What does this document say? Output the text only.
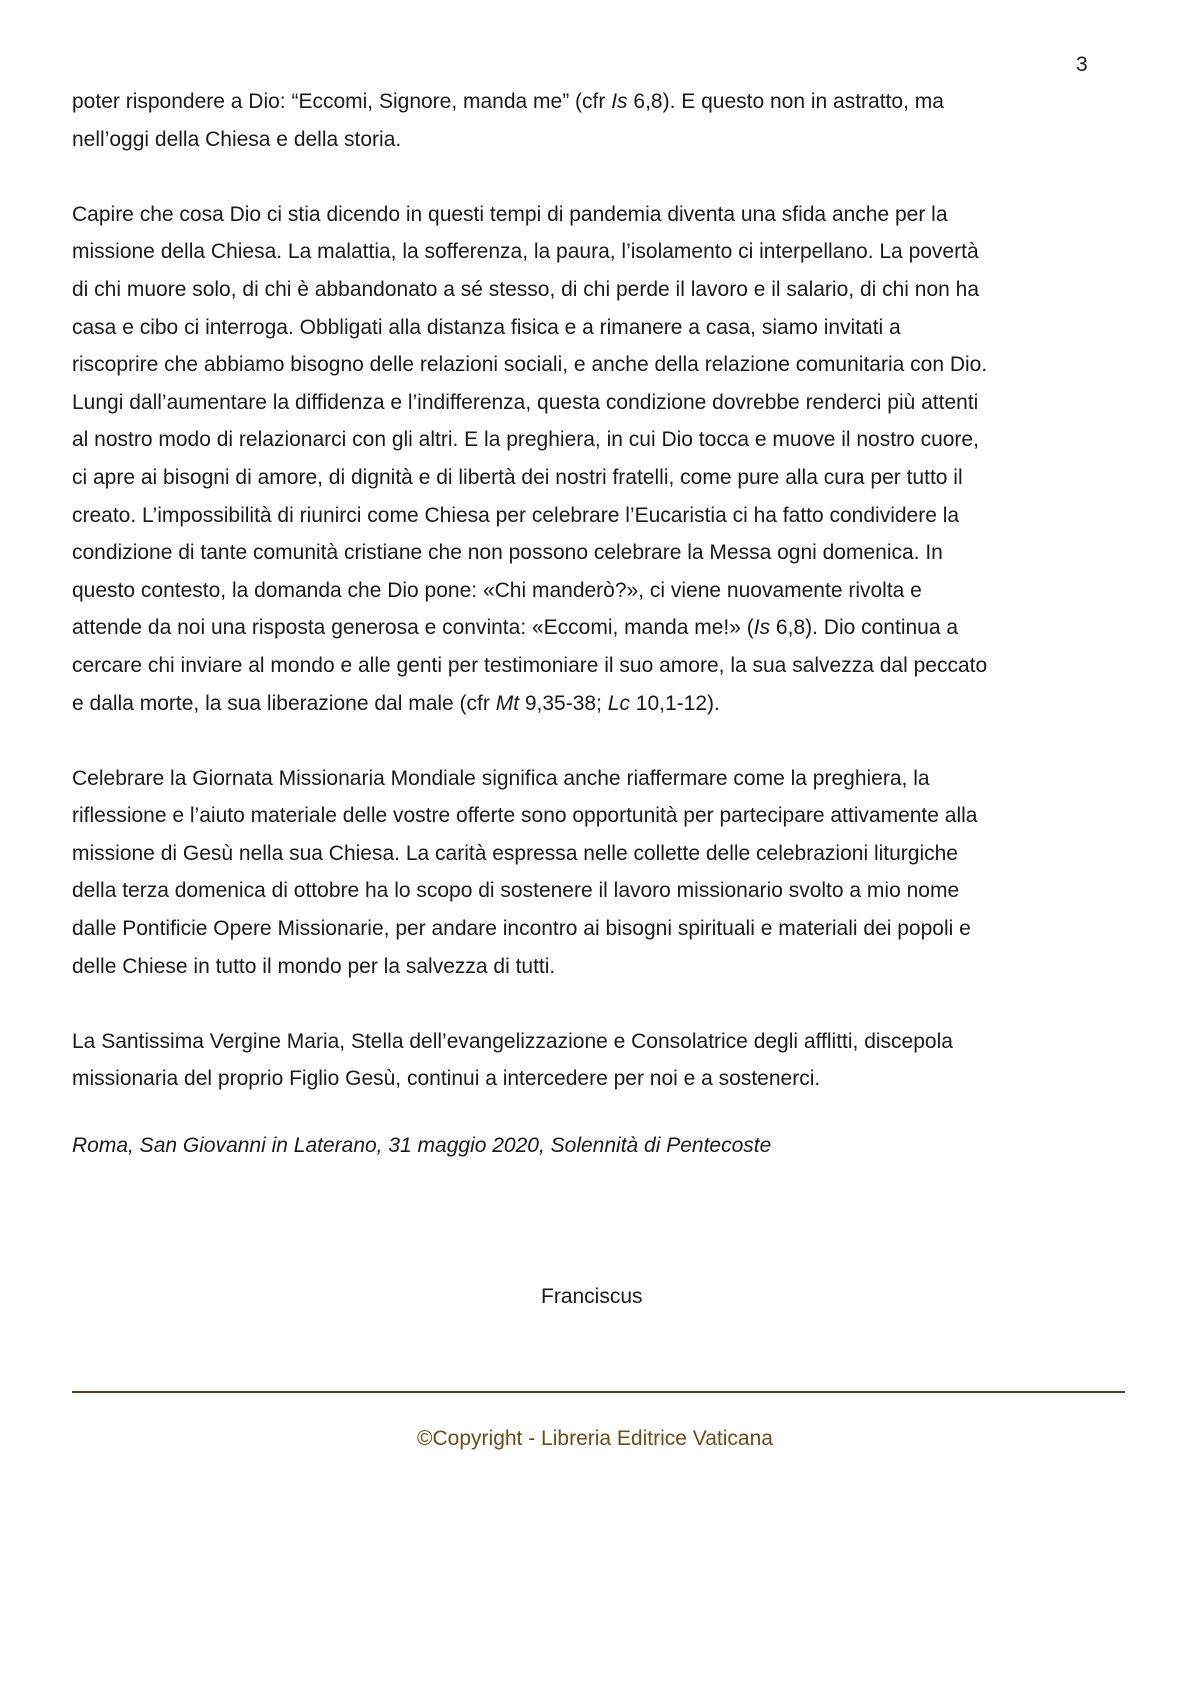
3
poter rispondere a Dio: “Eccomi, Signore, manda me” (cfr Is 6,8). E questo non in astratto, ma
nell’oggi della Chiesa e della storia.
Capire che cosa Dio ci stia dicendo in questi tempi di pandemia diventa una sfida anche per la
missione della Chiesa. La malattia, la sofferenza, la paura, l’isolamento ci interpellano. La povertà
di chi muore solo, di chi è abbandonato a sé stesso, di chi perde il lavoro e il salario, di chi non ha
casa e cibo ci interroga. Obbligati alla distanza fisica e a rimanere a casa, siamo invitati a
riscoprire che abbiamo bisogno delle relazioni sociali, e anche della relazione comunitaria con Dio.
Lungi dall’aumentare la diffidenza e l’indifferenza, questa condizione dovrebbe renderci più attenti
al nostro modo di relazionarci con gli altri. E la preghiera, in cui Dio tocca e muove il nostro cuore,
ci apre ai bisogni di amore, di dignità e di libertà dei nostri fratelli, come pure alla cura per tutto il
creato. L’impossibilità di riunirci come Chiesa per celebrare l’Eucaristia ci ha fatto condividere la
condizione di tante comunità cristiane che non possono celebrare la Messa ogni domenica. In
questo contesto, la domanda che Dio pone: «Chi manderò?», ci viene nuovamente rivolta e
attende da noi una risposta generosa e convinta: «Eccomi, manda me!» (Is 6,8). Dio continua a
cercare chi inviare al mondo e alle genti per testimoniare il suo amore, la sua salvezza dal peccato
e dalla morte, la sua liberazione dal male (cfr Mt 9,35-38; Lc 10,1-12).
Celebrare la Giornata Missionaria Mondiale significa anche riaffermare come la preghiera, la
riflessione e l’aiuto materiale delle vostre offerte sono opportunità per partecipare attivamente alla
missione di Gesù nella sua Chiesa. La carità espressa nelle collette delle celebrazioni liturgiche
della terza domenica di ottobre ha lo scopo di sostenere il lavoro missionario svolto a mio nome
dalle Pontificie Opere Missionarie, per andare incontro ai bisogni spirituali e materiali dei popoli e
delle Chiese in tutto il mondo per la salvezza di tutti.
La Santissima Vergine Maria, Stella dell’evangelizzazione e Consolatrice degli afflitti, discepola
missionaria del proprio Figlio Gesù, continui a intercedere per noi e a sostenerci.
Roma, San Giovanni in Laterano, 31 maggio 2020, Solennità di Pentecoste
Franciscus
©Copyright - Libreria Editrice Vaticana
